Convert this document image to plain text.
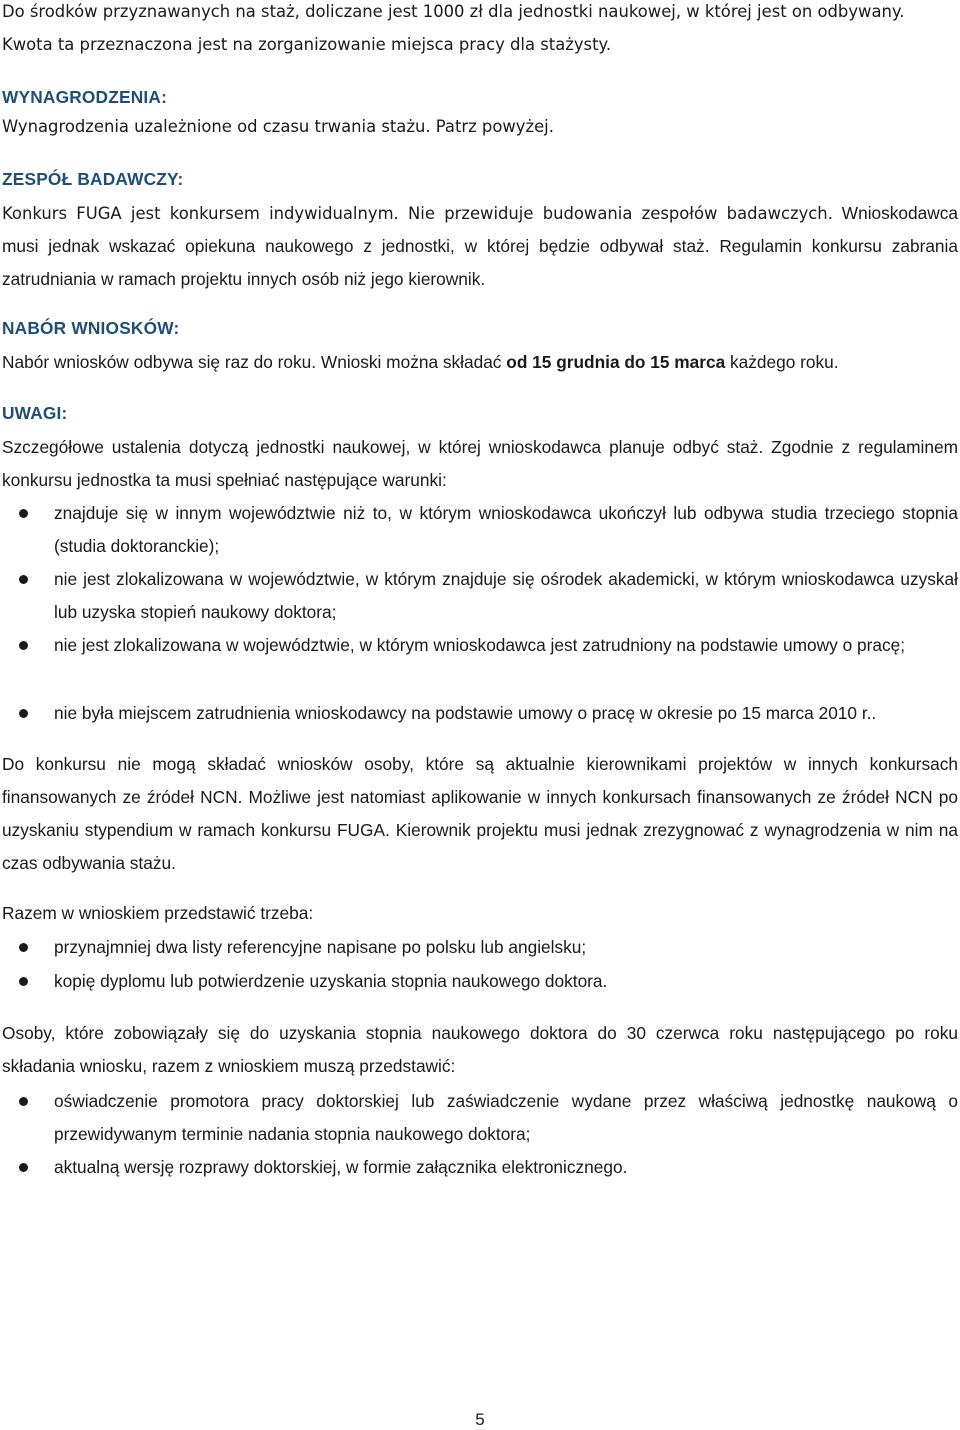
Do środków przyznawanych na staż, doliczane jest 1000 zł dla jednostki naukowej, w której jest on odbywany. Kwota ta przeznaczona jest na zorganizowanie miejsca pracy dla stażysty.

WYNAGRODZENIA:

Wynagrodzenia uzależnione od czasu trwania stażu. Patrz powyżej.

ZESPÓŁ BADAWCZY:

Konkurs FUGA jest konkursem indywidualnym. Nie przewiduje budowania zespołów badawczych. Wnioskodawca musi jednak wskazać opiekuna naukowego z jednostki, w której będzie odbywał staż. Regulamin konkursu zabrania zatrudniania w ramach projektu innych osób niż jego kierownik.

NABÓR WNIOSKÓW:

Nabór wniosków odbywa się raz do roku. Wnioski można składać od 15 grudnia do 15 marca każdego roku.

UWAGI:

Szczegółowe ustalenia dotyczą jednostki naukowej, w której wnioskodawca planuje odbyć staż. Zgodnie z regulaminem konkursu jednostka ta musi spełniać następujące warunki:

znajduje się w innym województwie niż to, w którym wnioskodawca ukończył lub odbywa studia trzeciego stopnia (studia doktoranckie);

nie jest zlokalizowana w województwie, w którym znajduje się ośrodek akademicki, w którym wnioskodawca uzyskał lub uzyska stopień naukowy doktora;

nie jest zlokalizowana w województwie, w którym wnioskodawca jest zatrudniony na podstawie umowy o pracę;

nie była miejscem zatrudnienia wnioskodawcy na podstawie umowy o pracę w okresie po 15 marca 2010 r..

Do konkursu nie mogą składać wniosków osoby, które są aktualnie kierownikami projektów w innych konkursach finansowanych ze źródeł NCN. Możliwe jest natomiast aplikowanie w innych konkursach finansowanych ze źródeł NCN po uzyskaniu stypendium w ramach konkursu FUGA. Kierownik projektu musi jednak zrezygnować z wynagrodzenia w nim na czas odbywania stażu.

Razem w wnioskiem przedstawić trzeba:

przynajmniej dwa listy referencyjne napisane po polsku lub angielsku;

kopię dyplomu lub potwierdzenie uzyskania stopnia naukowego doktora.

Osoby, które zobowiązały się do uzyskania stopnia naukowego doktora do 30 czerwca roku następującego po roku składania wniosku, razem z wnioskiem muszą przedstawić:

oświadczenie promotora pracy doktorskiej lub zaświadczenie wydane przez właściwą jednostkę naukową o przewidywanym terminie nadania stopnia naukowego doktora;

aktualną wersję rozprawy doktorskiej, w formie załącznika elektronicznego.

5
